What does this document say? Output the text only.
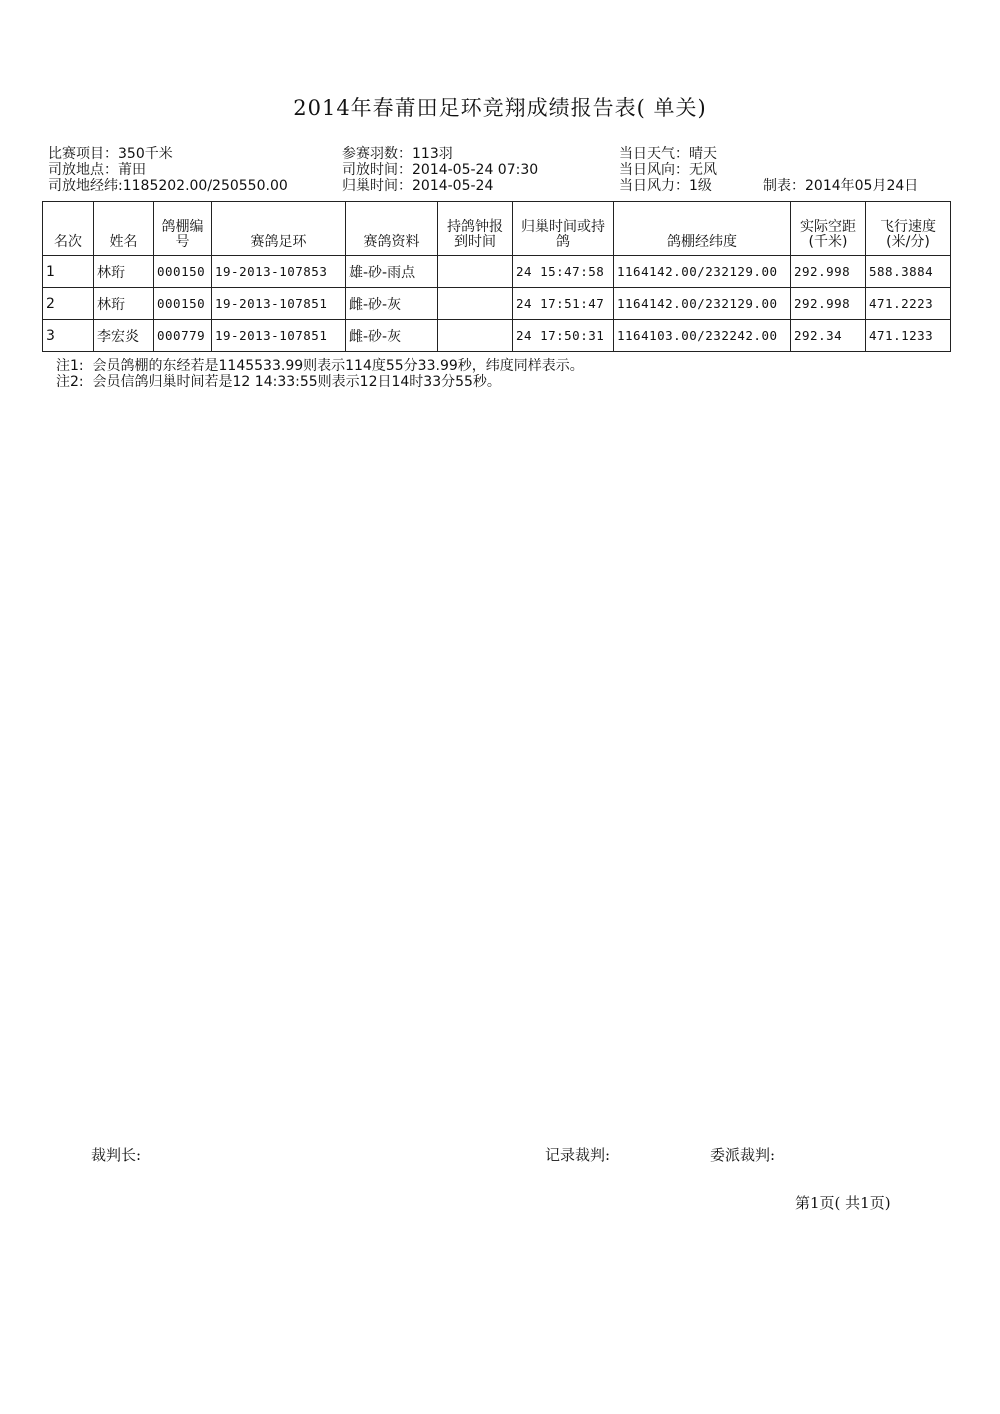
2014年春莆田足环竞翔成绩报告表( 单关)
比赛项目：350千米	参赛羽数：113羽	当日天气：晴天
司放地点：莆田	司放时间：2014-05-24 07:30	当日风向：无风
司放地经纬:1185202.00/250550.00	归巢时间：2014-05-24	当日风力：1级	制表：2014年05月24日
名次	姓名	鸽棚编号	赛鸽足环	赛鸽资料	持鸽钟报到时间	归巢时间或持鸽	鸽棚经纬度	实际空距(千米)	飞行速度(米/分)
1	林珩	000150	19-2013-107853	雄-砂-雨点		24 15:47:58	1164142.00/232129.00	292.998	588.3884
2	林珩	000150	19-2013-107851	雌-砂-灰		24 17:51:47	1164142.00/232129.00	292.998	471.2223
3	李宏炎	000779	19-2013-107851	雌-砂-灰		24 17:50:31	1164103.00/232242.00	292.34	471.1233
注1:  会员鸽棚的东经若是1145533.99则表示114度55分33.99秒，纬度同样表示。
注2:  会员信鸽归巢时间若是12 14:33:55则表示12日14时33分55秒。
裁判长:	记录裁判:	委派裁判:
第1页( 共1页)
